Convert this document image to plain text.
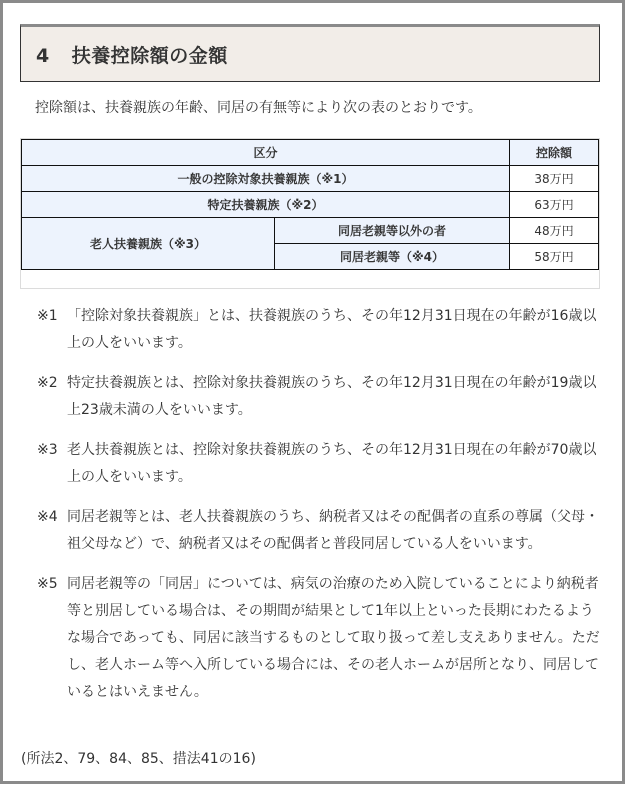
4 扶養控除額の金額

控除額は、扶養親族の年齢、同居の有無等により次の表のとおりです。

区分		控除額
一般の控除対象扶養親族（※1）		38万円
特定扶養親族（※2）		63万円
老人扶養親族（※3）	同居老親等以外の者	48万円
	同居老親等（※4）	58万円
※1 「控除対象扶養親族」とは、扶養親族のうち、その年12月31日現在の年齢が16歳以上の人をいいます。
※2 特定扶養親族とは、控除対象扶養親族のうち、その年12月31日現在の年齢が19歳以上23歳未満の人をいいます。
※3 老人扶養親族とは、控除対象扶養親族のうち、その年12月31日現在の年齢が70歳以上の人をいいます。
※4 同居老親等とは、老人扶養親族のうち、納税者又はその配偶者の直系の尊属（父母・祖父母など）で、納税者又はその配偶者と普段同居している人をいいます。
※5 同居老親等の「同居」については、病気の治療のため入院していることにより納税者等と別居している場合は、その期間が結果として1年以上といった長期にわたるような場合であっても、同居に該当するものとして取り扱って差し支えありません。ただし、老人ホーム等へ入所している場合には、その老人ホームが居所となり、同居しているとはいえません。

(所法2、79、84、85、措法41の16)
